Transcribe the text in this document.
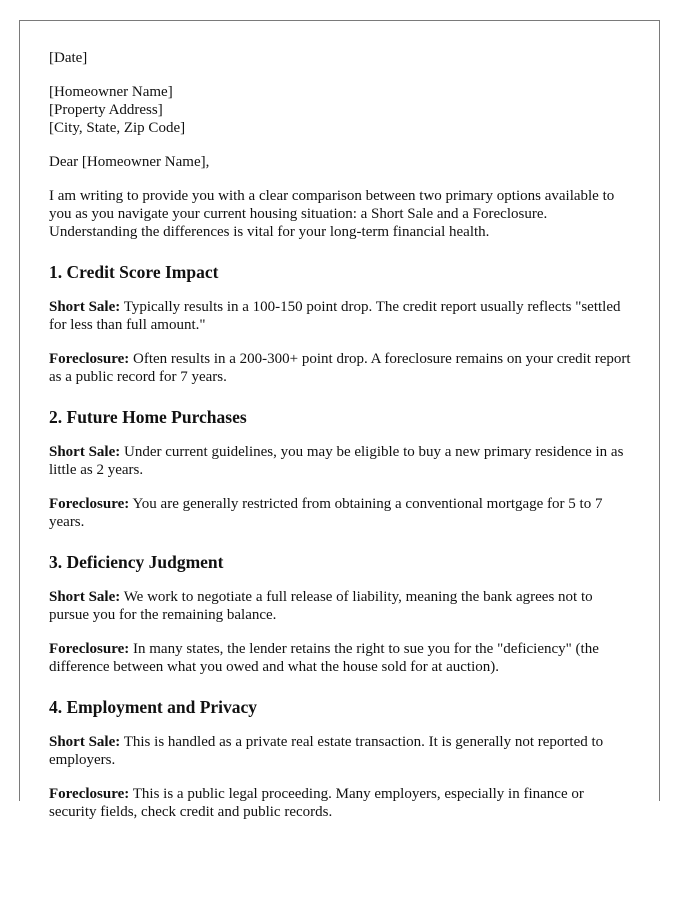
[Date]

[Homeowner Name]

[Property Address]

[City, State, Zip Code]

Dear [Homeowner Name],

I am writing to provide you with a clear comparison between two primary options available to you as you navigate your current housing situation: a Short Sale and a Foreclosure. Understanding the differences is vital for your long-term financial health.

1. Credit Score Impact

Short Sale: Typically results in a 100-150 point drop. The credit report usually reflects "settled for less than full amount."

Foreclosure: Often results in a 200-300+ point drop. A foreclosure remains on your credit report as a public record for 7 years.

2. Future Home Purchases

Short Sale: Under current guidelines, you may be eligible to buy a new primary residence in as little as 2 years.

Foreclosure: You are generally restricted from obtaining a conventional mortgage for 5 to 7 years.

3. Deficiency Judgment

Short Sale: We work to negotiate a full release of liability, meaning the bank agrees not to pursue you for the remaining balance.

Foreclosure: In many states, the lender retains the right to sue you for the "deficiency" (the difference between what you owed and what the house sold for at auction).

4. Employment and Privacy

Short Sale: This is handled as a private real estate transaction. It is generally not reported to employers.

Foreclosure: This is a public legal proceeding. Many employers, especially in finance or security fields, check credit and public records.
